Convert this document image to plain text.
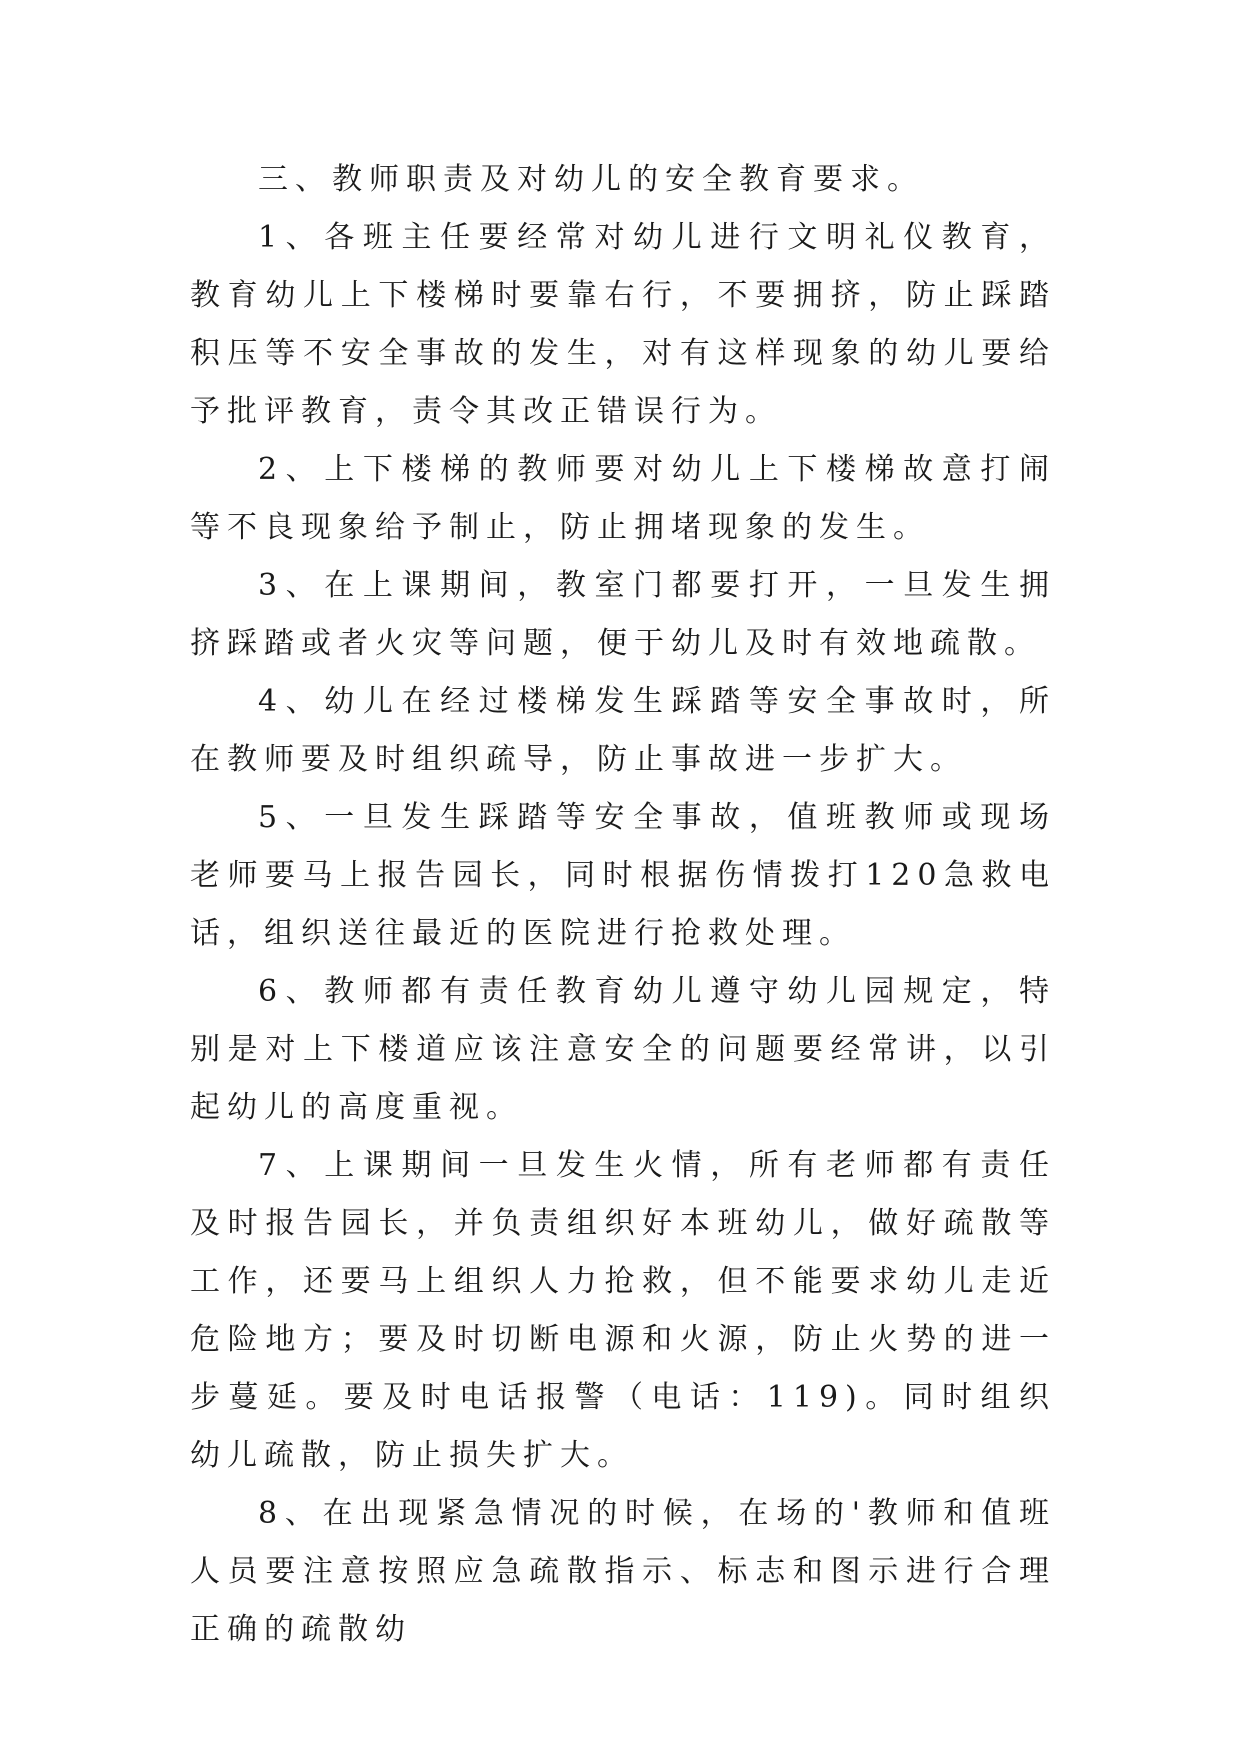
三、教师职责及对幼儿的安全教育要求。

1、各班主任要经常对幼儿进行文明礼仪教育，教育幼儿上下楼梯时要靠右行，不要拥挤，防止踩踏积压等不安全事故的发生，对有这样现象的幼儿要给予批评教育，责令其改正错误行为。

2、上下楼梯的教师要对幼儿上下楼梯故意打闹等不良现象给予制止，防止拥堵现象的发生。

3、在上课期间，教室门都要打开，一旦发生拥挤踩踏或者火灾等问题，便于幼儿及时有效地疏散。

4、幼儿在经过楼梯发生踩踏等安全事故时，所在教师要及时组织疏导，防止事故进一步扩大。

5、一旦发生踩踏等安全事故，值班教师或现场老师要马上报告园长，同时根据伤情拨打120急救电话，组织送往最近的医院进行抢救处理。

6、教师都有责任教育幼儿遵守幼儿园规定，特别是对上下楼道应该注意安全的问题要经常讲，以引起幼儿的高度重视。

7、上课期间一旦发生火情，所有老师都有责任及时报告园长，并负责组织好本班幼儿，做好疏散等工作，还要马上组织人力抢救，但不能要求幼儿走近危险地方；要及时切断电源和火源，防止火势的进一步蔓延。要及时电话报警（电话：119)。同时组织幼儿疏散，防止损失扩大。

8、在出现紧急情况的时候，在场的'教师和值班人员要注意按照应急疏散指示、标志和图示进行合理正确的疏散幼
